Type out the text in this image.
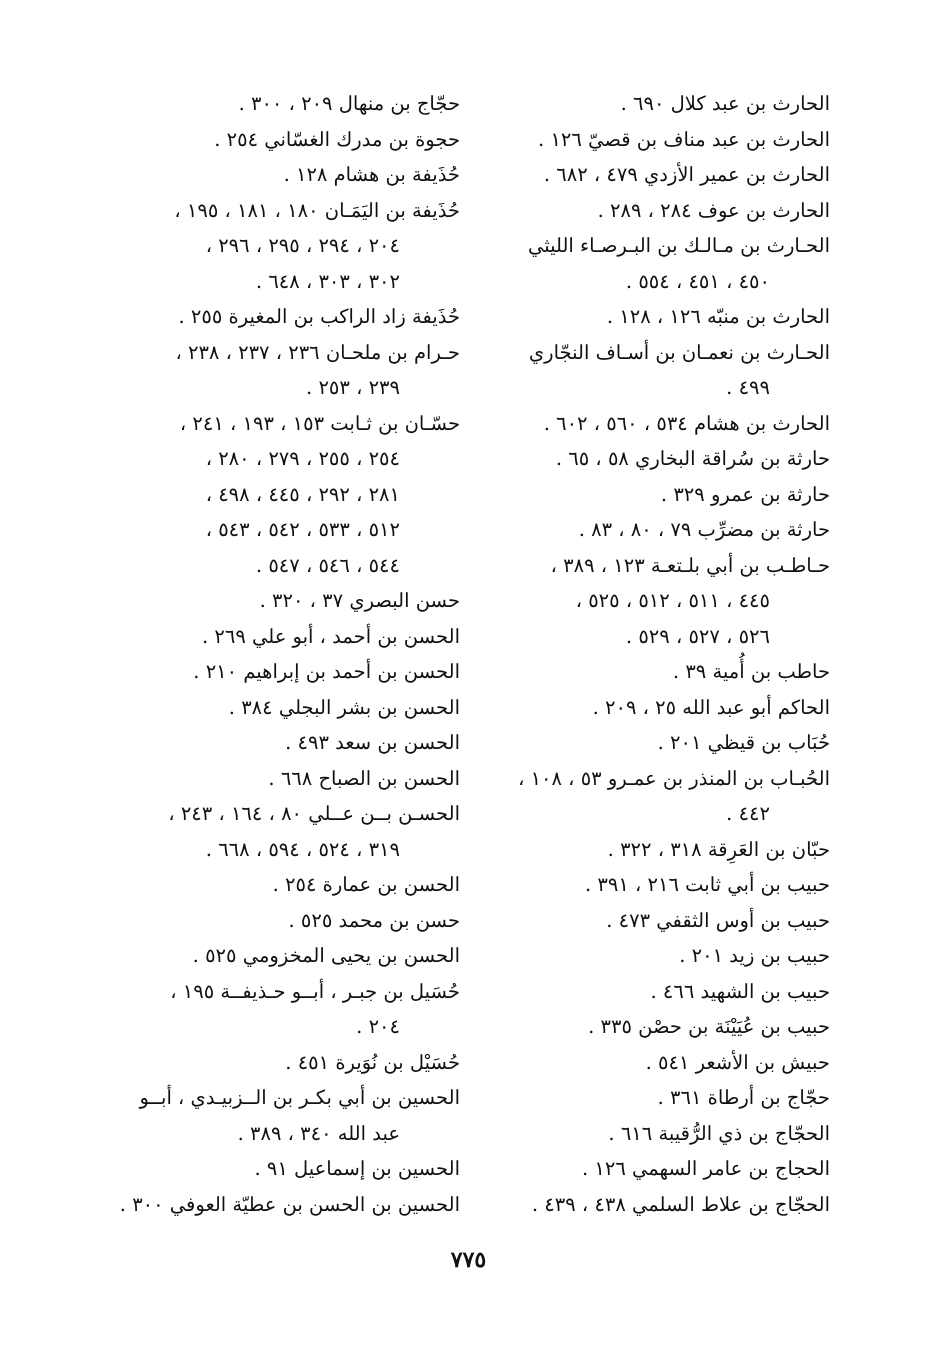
الحارث بن عبد كلال ٦٩٠ .
الحارث بن عبد مناف بن قصيّ ١٢٦ .
الحارث بن عمير الأزدي ٤٧٩ ، ٦٨٢ .
الحارث بن عوف ٢٨٤ ، ٢٨٩ .
الحـارث بن مـالـك بن البـرصـاء الليثي
٤٥٠ ، ٤٥١ ، ٥٥٤ .
الحارث بن منبّه ١٢٦ ، ١٢٨ .
الحـارث بن نعمـان بن أسـاف النجّاري
٤٩٩ .
الحارث بن هشام ٥٣٤ ، ٥٦٠ ، ٦٠٢ .
حارثة بن سُراقة البخاري ٥٨ ، ٦٥ .
حارثة بن عمرو ٣٢٩ .
حارثة بن مضرِّب ٧٩ ، ٨٠ ، ٨٣ .
حـاطـب بن أبي بلـتعـة ١٢٣ ، ٣٨٩ ،
٤٤٥ ، ٥١١ ، ٥١٢ ، ٥٢٥ ،
٥٢٦ ، ٥٢٧ ، ٥٢٩ .
حاطب بن أُمية ٣٩ .
الحاكم أبو عبد الله ٢٥ ، ٢٠٩ .
حُبَاب بن قيظي ٢٠١ .
الحُبـاب بن المنذر بن عمـرو ٥٣ ، ١٠٨ ،
٤٤٢ .
حبّان بن العَرِقة ٣١٨ ، ٣٢٢ .
حبيب بن أبي ثابت ٢١٦ ، ٣٩١ .
حبيب بن أوس الثقفي ٤٧٣ .
حبيب بن زيد ٢٠١ .
حبيب بن الشهيد ٤٦٦ .
حبيب بن عُيَيْنَة بن حصْن ٣٣٥ .
حبيش بن الأشعر ٥٤١ .
حجّاج بن أرطاة ٣٦١ .
الحجّاج بن ذي الرُّقيبة ٦١٦ .
الحجاج بن عامر السهمي ١٢٦ .
الحجّاج بن علاط السلمي ٤٣٨ ، ٤٣٩ .
حجّاج بن منهال ٢٠٩ ، ٣٠٠ .
حجوة بن مدرك الغسّاني ٢٥٤ .
حُذَيفة بن هشام ١٢٨ .
حُذَيفة بن اليَمَـان ١٨٠ ، ١٨١ ، ١٩٥ ،
٢٠٤ ، ٢٩٤ ، ٢٩٥ ، ٢٩٦ ،
٣٠٢ ، ٣٠٣ ، ٦٤٨ .
حُذَيفة زاد الراكب بن المغيرة ٢٥٥ .
حـرام بن ملحـان ٢٣٦ ، ٢٣٧ ، ٢٣٨ ،
٢٣٩ ، ٢٥٣ .
حسّـان بن ثـابت ١٥٣ ، ١٩٣ ، ٢٤١ ،
٢٥٤ ، ٢٥٥ ، ٢٧٩ ، ٢٨٠ ،
٢٨١ ، ٢٩٢ ، ٤٤٥ ، ٤٩٨ ،
٥١٢ ، ٥٣٣ ، ٥٤٢ ، ٥٤٣ ،
٥٤٤ ، ٥٤٦ ، ٥٤٧ .
حسن البصري ٣٧ ، ٣٢٠ .
الحسن بن أحمد ، أبو علي ٢٦٩ .
الحسن بن أحمد بن إبراهيم ٢١٠ .
الحسن بن بشر البجلي ٣٨٤ .
الحسن بن سعد ٤٩٣ .
الحسن بن الصباح ٦٦٨ .
الحسـن بــن عــلي ٨٠ ، ١٦٤ ، ٢٤٣ ،
٣١٩ ، ٥٢٤ ، ٥٩٤ ، ٦٦٨ .
الحسن بن عمارة ٢٥٤ .
حسن بن محمد ٥٢٥ .
الحسن بن يحيى المخزومي ٥٢٥ .
حُسَيل بن جبـر ، أبــو حـذيفــة ١٩٥ ،
٢٠٤ .
حُسَيْل بن نُوَيرة ٤٥١ .
الحسين بن أبي بكـر بن الــزبيـدي ، أبــو
عبد الله ٣٤٠ ، ٣٨٩ .
الحسين بن إسماعيل ٩١ .
الحسين بن الحسن بن عطيّة العوفي ٣٠٠ .
٧٧٥
